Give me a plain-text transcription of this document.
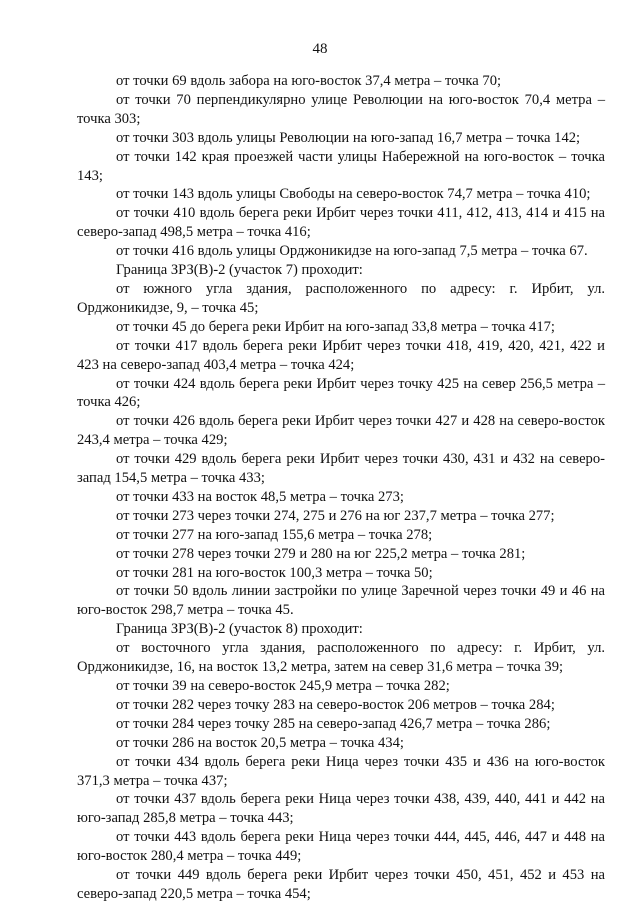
48

от точки 69 вдоль забора на юго-восток 37,4 метра – точка 70;

от точки 70 перпендикулярно улице Революции на юго-восток 70,4 метра – точка 303;

от точки 303 вдоль улицы Революции на юго-запад 16,7 метра – точка 142;

от точки 142 края проезжей части улицы Набережной на юго-восток – точка 143;

от точки 143 вдоль улицы Свободы на северо-восток 74,7 метра – точка 410;

от точки 410 вдоль берега реки Ирбит через точки 411, 412, 413, 414 и 415 на северо-запад 498,5 метра – точка 416;

от точки 416 вдоль улицы Орджоникидзе на юго-запад 7,5 метра – точка 67.

Граница ЗРЗ(В)-2 (участок 7) проходит:

от южного угла здания, расположенного по адресу: г. Ирбит, ул. Орджоникидзе, 9, – точка 45;

от точки 45 до берега реки Ирбит на юго-запад 33,8 метра – точка 417;

от точки 417 вдоль берега реки Ирбит через точки 418, 419, 420, 421, 422 и 423 на северо-запад 403,4 метра – точка 424;

от точки 424 вдоль берега реки Ирбит через точку 425 на север 256,5 метра – точка 426;

от точки 426 вдоль берега реки Ирбит через точки 427 и 428 на северо-восток 243,4 метра – точка 429;

от точки 429 вдоль берега реки Ирбит через точки 430, 431 и 432 на северо-запад 154,5 метра – точка 433;

от точки 433 на восток 48,5 метра – точка 273;

от точки 273 через точки 274, 275 и 276 на юг 237,7 метра – точка 277;

от точки 277 на юго-запад 155,6 метра – точка 278;

от точки 278 через точки 279 и 280 на юг 225,2 метра – точка 281;

от точки 281 на юго-восток 100,3 метра – точка 50;

от точки 50 вдоль линии застройки по улице Заречной через точки 49 и 46 на юго-восток 298,7 метра – точка 45.

Граница ЗРЗ(В)-2 (участок 8) проходит:

от восточного угла здания, расположенного по адресу: г. Ирбит, ул. Орджоникидзе, 16, на восток 13,2 метра, затем на север 31,6 метра – точка 39;

от точки 39 на северо-восток 245,9 метра – точка 282;

от точки 282 через точку 283 на северо-восток 206 метров – точка 284;

от точки 284 через точку 285 на северо-запад 426,7 метра – точка 286;

от точки 286 на восток 20,5 метра – точка 434;

от точки 434 вдоль берега реки Ница через точки 435 и 436 на юго-восток 371,3 метра – точка 437;

от точки 437 вдоль берега реки Ница через точки 438, 439, 440, 441 и 442 на юго-запад 285,8 метра – точка 443;

от точки 443 вдоль берега реки Ница через точки 444, 445, 446, 447 и 448 на юго-восток 280,4 метра – точка 449;

от точки 449 вдоль берега реки Ирбит через точки 450, 451, 452 и 453 на северо-запад 220,5 метра – точка 454;
